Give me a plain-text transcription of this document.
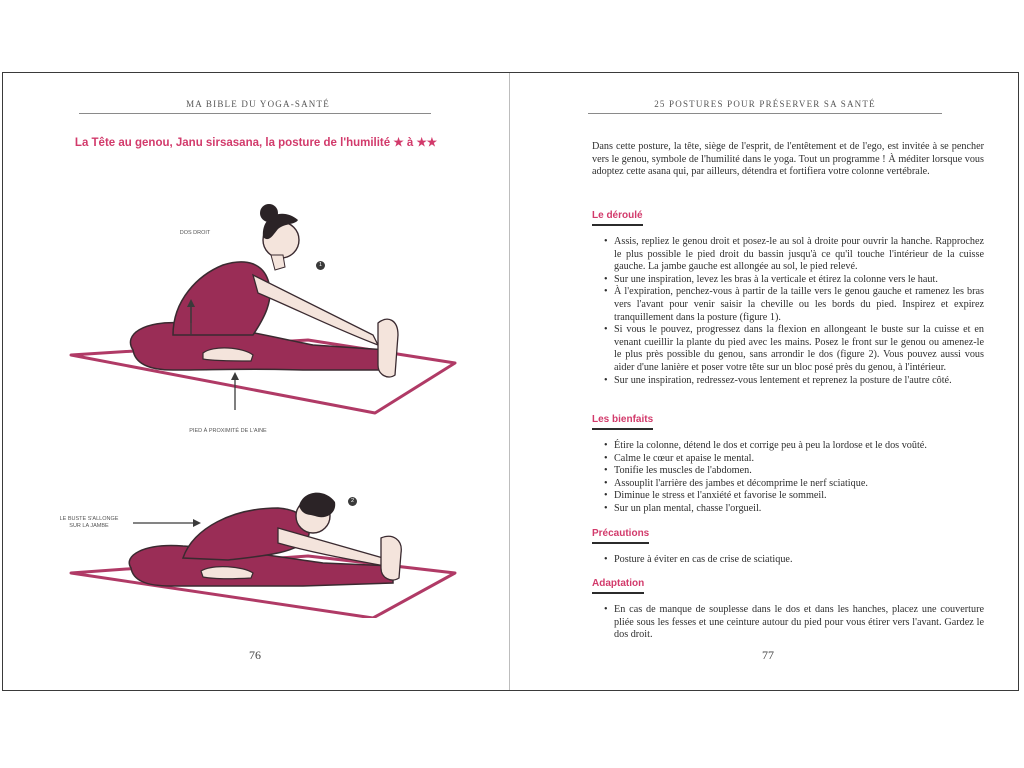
MA BIBLE DU YOGA-SANTÉ
La Tête au genou, Janu sirsasana, la posture de l'humilité ★ à ★★
DOS DROIT
PIED À PROXIMITÉ DE L'AINE
1
LE BUSTE S'ALLONGE
SUR LA JAMBE
2
76
25 POSTURES POUR PRÉSERVER SA SANTÉ
Dans cette posture, la tête, siège de l'esprit, de l'entêtement et de l'ego, est invitée à se pencher vers le genou, symbole de l'humilité dans le yoga. Tout un programme ! À méditer lorsque vous adoptez cette asana qui, par ailleurs, détendra et fortifiera votre colonne vertébrale.
Le déroulé
• Assis, repliez le genou droit et posez-le au sol à droite pour ouvrir la hanche. Rapprochez le plus possible le pied droit du bassin jusqu'à ce qu'il touche l'intérieur de la cuisse gauche. La jambe gauche est allongée au sol, le pied relevé.
• Sur une inspiration, levez les bras à la verticale et étirez la colonne vers le haut.
• À l'expiration, penchez-vous à partir de la taille vers le genou gauche et ramenez les bras vers l'avant pour venir saisir la cheville ou les bords du pied. Inspirez et expirez tranquillement dans la posture (figure 1).
• Si vous le pouvez, progressez dans la flexion en allongeant le buste sur la cuisse et en venant cueillir la plante du pied avec les mains. Posez le front sur le genou ou amenez-le le plus près possible du genou, sans arrondir le dos (figure 2). Vous pouvez aussi vous aider d'une lanière et poser votre tête sur un bloc posé près du genou, à l'intérieur.
• Sur une inspiration, redressez-vous lentement et reprenez la posture de l'autre côté.
Les bienfaits
• Étire la colonne, détend le dos et corrige peu à peu la lordose et le dos voûté.
• Calme le cœur et apaise le mental.
• Tonifie les muscles de l'abdomen.
• Assouplit l'arrière des jambes et décomprime le nerf sciatique.
• Diminue le stress et l'anxiété et favorise le sommeil.
• Sur un plan mental, chasse l'orgueil.
Précautions
• Posture à éviter en cas de crise de sciatique.
Adaptation
• En cas de manque de souplesse dans le dos et dans les hanches, placez une couverture pliée sous les fesses et une ceinture autour du pied pour vous étirer vers l'avant. Gardez le dos droit.
77
